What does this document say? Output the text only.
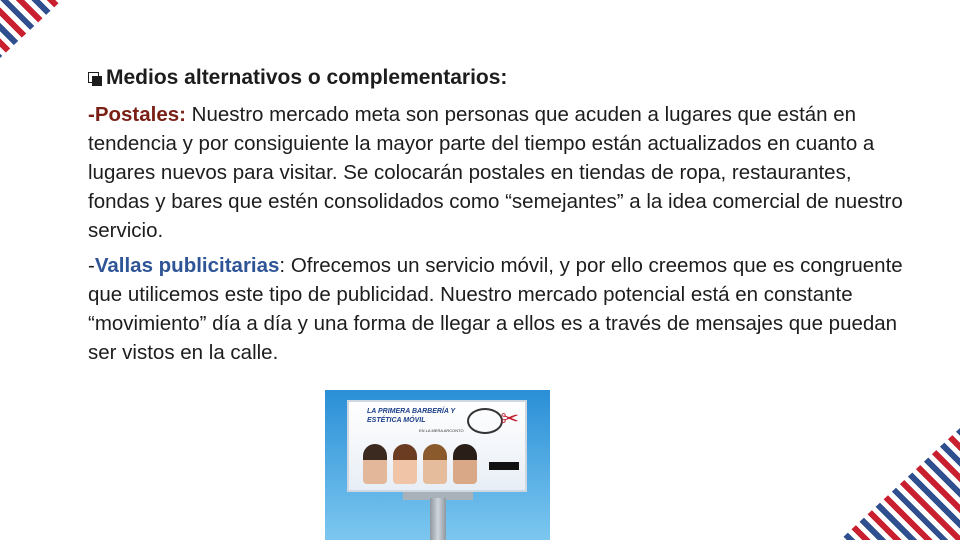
Medios alternativos o complementarios:

-Postales: Nuestro mercado meta son personas que acuden a lugares que están en tendencia y por consiguiente la mayor parte del tiempo están actualizados en cuanto a lugares nuevos para visitar. Se colocarán postales en tiendas de ropa, restaurantes, fondas y bares que estén consolidados como “semejantes” a la idea comercial de nuestro servicio.

-Vallas publicitarias: Ofrecemos un servicio móvil, y por ello creemos que es congruente que utilicemos este tipo de publicidad. Nuestro mercado potencial está en constante “movimiento” día a día y una forma de llegar a ellos es a través de mensajes que puedan ser vistos en la calle.

LA PRIMERA BARBERÍA Y
ESTÉTICA MÓVIL
EN LA MERA ARCONTO ✂
